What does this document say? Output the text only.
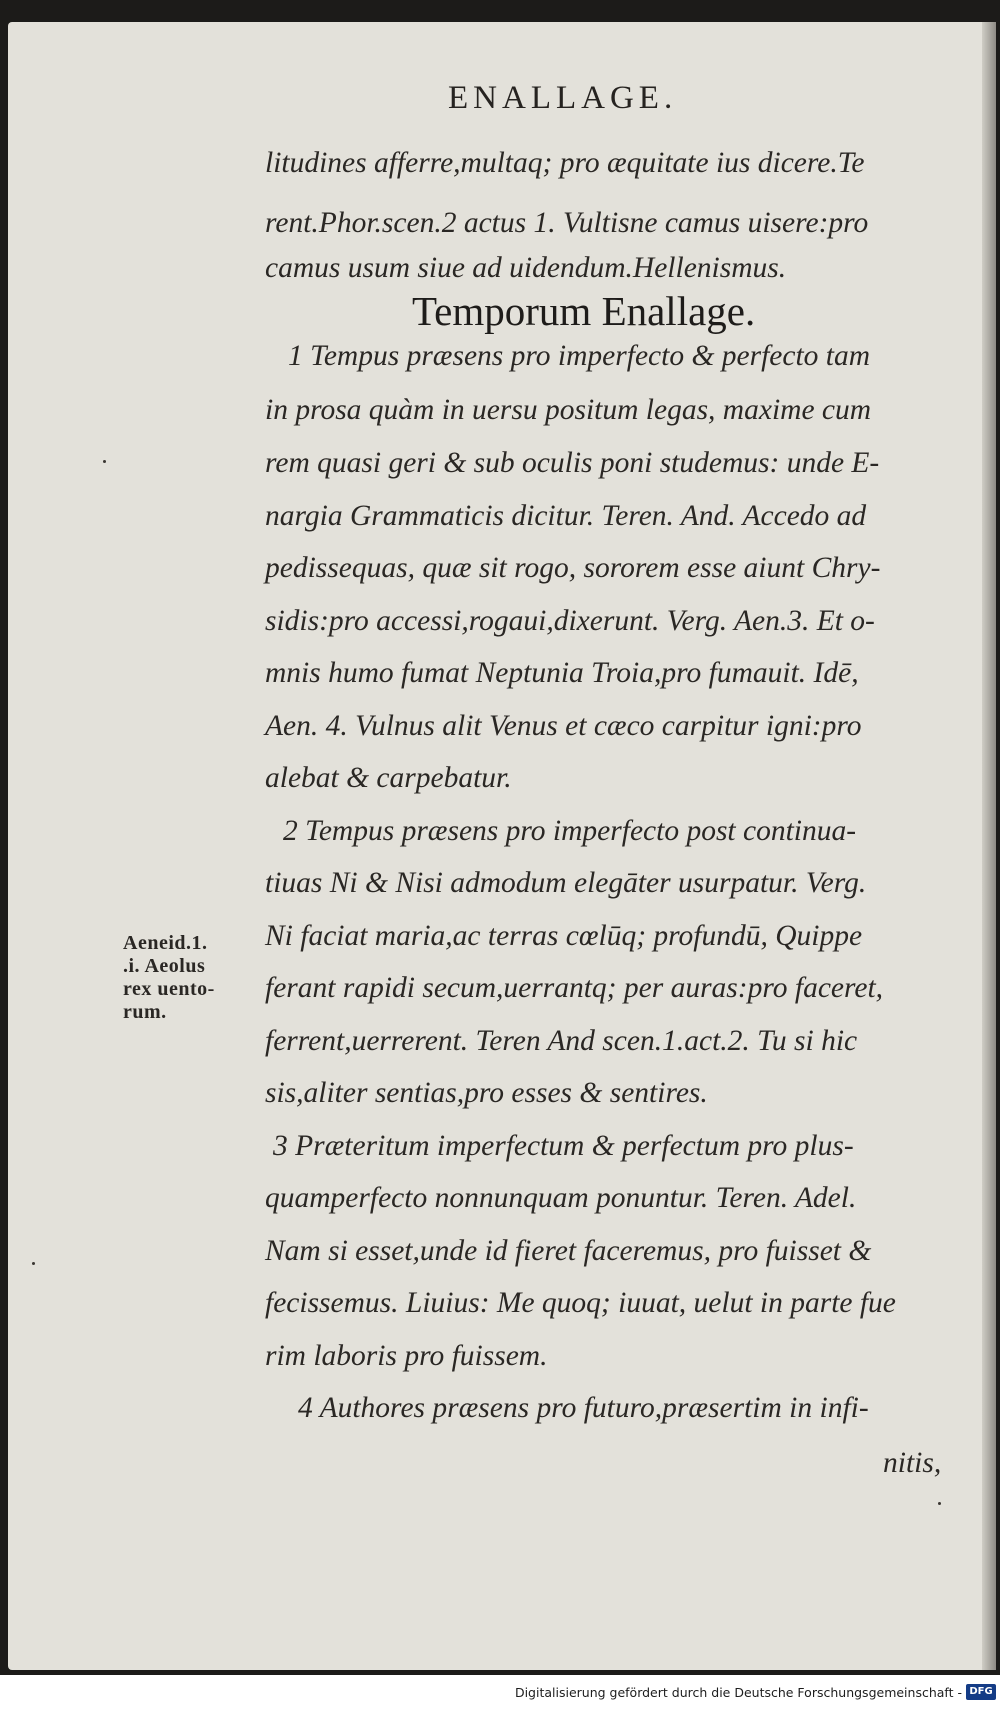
ENALLAGE.
Temporum Enallage.
litudines afferre,multaq; pro æquitate ius dicere.Te
rent.Phor.scen.2 actus 1. Vultisne camus uisere:pro
camus usum siue ad uidendum.Hellenismus.
1 Tempus præsens pro imperfecto & perfecto tam
in prosa quàm in uersu positum legas, maxime cum
rem quasi geri & sub oculis poni studemus: unde E-
nargia Grammaticis dicitur. Teren. And. Accedo ad
pedissequas, quæ sit rogo, sororem esse aiunt Chry-
sidis:pro accessi,rogaui,dixerunt. Verg. Aen.3. Et o-
mnis humo fumat Neptunia Troia,pro fumauit. Idē,
Aen. 4. Vulnus alit Venus et cæco carpitur igni:pro
alebat & carpebatur.
2 Tempus præsens pro imperfecto post continua-
tiuas Ni & Nisi admodum elegāter usurpatur. Verg.
Ni faciat maria,ac terras cœlūq; profundū, Quippe
ferant rapidi secum,uerrantq; per auras:pro faceret,
ferrent,uerrerent. Teren And scen.1.act.2. Tu si hic
sis,aliter sentias,pro esses & sentires.
3 Præteritum imperfectum & perfectum pro plus-
quamperfecto nonnunquam ponuntur. Teren. Adel.
Nam si esset,unde id fieret faceremus, pro fuisset &
fecissemus. Liuius: Me quoq; iuuat, uelut in parte fue
rim laboris pro fuissem.
4 Authores præsens pro futuro,præsertim in infi-
nitis,
Aeneid.1.
.i. Aeolus
rex uento-
rum.
Digitalisierung gefördert durch die Deutsche Forschungsgemeinschaft - DFG
